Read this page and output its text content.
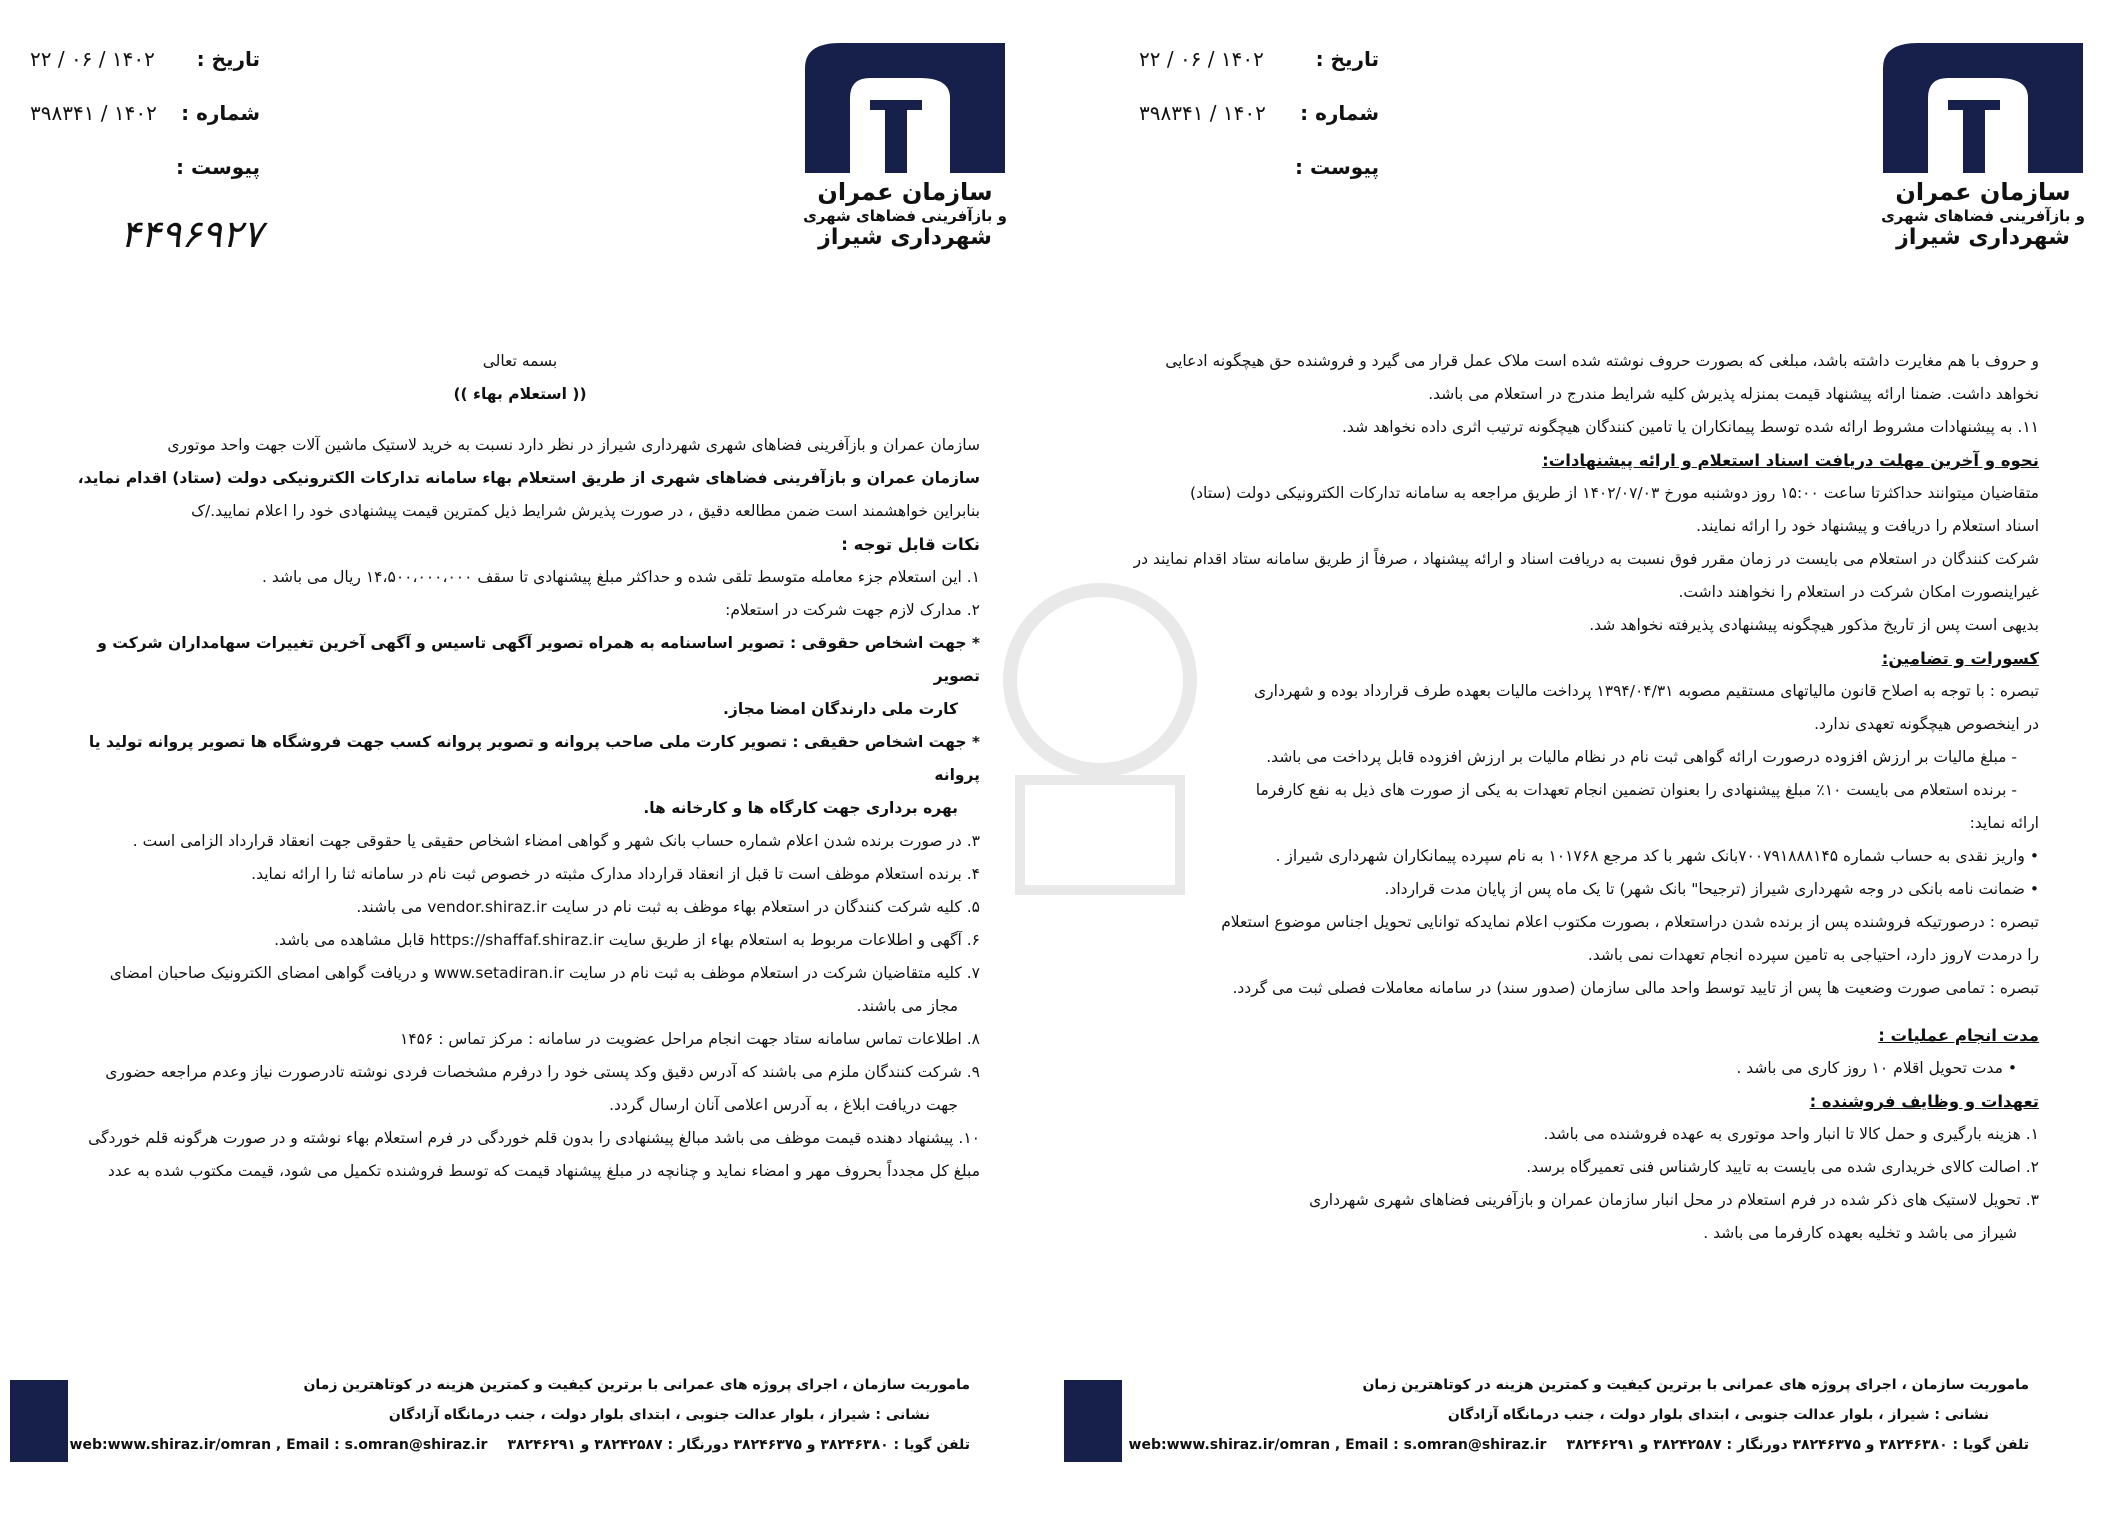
تاریخ :
۱۴۰۲ / ۰۶ / ۲۲
شماره :
۱۴۰۲ / ۳۹۸۳۴۱
پیوست :
۴۴۹۶۹۲۷
سازمان عمران
و بازآفرینی فضاهای شهری
شهرداری شیراز

بسمه تعالی

(( استعلام بهاء ))

سازمان عمران و بازآفرینی فضاهای شهری شهرداری شیراز در نظر دارد نسبت به خرید لاستیک ماشین آلات جهت واحد موتوری

سازمان عمران و بازآفرینی فضاهای شهری از طریق استعلام بهاء سامانه تدارکات الکترونیکی دولت (ستاد) اقدام نماید،

بنابراین خواهشمند است ضمن مطالعه دقیق ، در صورت پذیرش شرایط ذیل کمترین قیمت پیشنهادی خود را اعلام نمایید./ک

نکات قابل توجه :

۱. این استعلام جزء معامله متوسط تلقی شده و حداکثر مبلغ پیشنهادی تا سقف ۱۴،۵۰۰،۰۰۰،۰۰۰ ریال می باشد .

۲. مدارک لازم جهت شرکت در استعلام:

* جهت اشخاص حقوقی : تصویر اساسنامه به همراه تصویر آگهی تاسیس و آگهی آخرین تغییرات سهامداران شرکت و تصویر

کارت ملی دارندگان امضا مجاز.

* جهت اشخاص حقیقی : تصویر کارت ملی صاحب پروانه و تصویر پروانه کسب جهت فروشگاه ها تصویر پروانه تولید یا پروانه

بهره برداری جهت کارگاه ها و کارخانه ها.

۳. در صورت برنده شدن اعلام شماره حساب بانک شهر و گواهی امضاء اشخاص حقیقی یا حقوقی جهت انعقاد قرارداد الزامی است .

۴. برنده استعلام موظف است تا قبل از انعقاد قرارداد مدارک مثبته در خصوص ثبت نام در سامانه ثنا را ارائه نماید.

۵. کلیه شرکت کنندگان در استعلام بهاء موظف به ثبت نام در سایت vendor.shiraz.ir می باشند.

۶. آگهی و اطلاعات مربوط به استعلام بهاء از طریق سایت https://shaffaf.shiraz.ir قابل مشاهده می باشد.

۷. کلیه متقاضیان شرکت در استعلام موظف به ثبت نام در سایت www.setadiran.ir و دریافت گواهی امضای الکترونیک صاحبان امضای

مجاز می باشند.

۸. اطلاعات تماس سامانه ستاد جهت انجام مراحل عضویت در سامانه : مرکز تماس : ۱۴۵۶

۹. شرکت کنندگان ملزم می باشند که آدرس دقیق وکد پستی خود را درفرم مشخصات فردی نوشته تادرصورت نیاز وعدم مراجعه حضوری

جهت دریافت ابلاغ ، به آدرس اعلامی آنان ارسال گردد.

۱۰. پیشنهاد دهنده قیمت موظف می باشد مبالغ پیشنهادی را بدون قلم خوردگی در فرم استعلام بهاء نوشته و در صورت هرگونه قلم خوردگی

مبلغ کل مجدداً بحروف مهر و امضاء نماید و چنانچه در مبلغ پیشنهاد قیمت که توسط فروشنده تکمیل می شود، قیمت مکتوب شده به عدد

ماموریت سازمان ، اجرای پروژه های عمرانی با برترین کیفیت و کمترین هزینه در کوتاهترین زمان
نشانی : شیراز ، بلوار عدالت جنوبی ، ابتدای بلوار دولت ، جنب درمانگاه آزادگان
تلفن گویا : ۳۸۲۴۶۳۸۰ و ۳۸۲۴۶۳۷۵ دورنگار : ۳۸۲۴۲۵۸۷ و ۳۸۲۴۶۲۹۱
web:www.shiraz.ir/omran , Email : s.omran@shiraz.ir
تاریخ :
۱۴۰۲ / ۰۶ / ۲۲
شماره :
۱۴۰۲ / ۳۹۸۳۴۱
پیوست :
سازمان عمران
و بازآفرینی فضاهای شهری
شهرداری شیراز

و حروف با هم مغایرت داشته باشد، مبلغی که بصورت حروف نوشته شده است ملاک عمل قرار می گیرد و فروشنده حق هیچگونه ادعایی

نخواهد داشت. ضمنا ارائه پیشنهاد قیمت بمنزله پذیرش کلیه شرایط مندرج در استعلام می باشد.

۱۱. به پیشنهادات مشروط ارائه شده توسط پیمانکاران یا تامین کنندگان هیچگونه ترتیب اثری داده نخواهد شد.

نحوه و آخرین مهلت دریافت اسناد استعلام و ارائه پیشنهادات:

متقاضیان میتوانند حداکثرتا ساعت ۱۵:۰۰ روز دوشنبه مورخ ۱۴۰۲/۰۷/۰۳ از طریق مراجعه به سامانه تدارکات الکترونیکی دولت (ستاد)

اسناد استعلام را دریافت و پیشنهاد خود را ارائه نمایند.

شرکت کنندگان در استعلام می بایست در زمان مقرر فوق نسبت به دریافت اسناد و ارائه پیشنهاد ، صرفاً از طریق سامانه ستاد اقدام نمایند در

غیراینصورت امکان شرکت در استعلام را نخواهند داشت.

بدیهی است پس از تاریخ مذکور هیچگونه پیشنهادی پذیرفته نخواهد شد.

کسورات و تضامین:

تبصره : با توجه به اصلاح قانون مالیاتهای مستقیم مصوبه ۱۳۹۴/۰۴/۳۱ پرداخت مالیات بعهده طرف قرارداد بوده و شهرداری

در اینخصوص هیچگونه تعهدی ندارد.

- مبلغ مالیات بر ارزش افزوده درصورت ارائه گواهی ثبت نام در نظام مالیات بر ارزش افزوده قابل پرداخت می باشد.

- برنده استعلام می بایست ۱۰٪ مبلغ پیشنهادی را بعنوان تضمین انجام تعهدات به یکی از صورت های ذیل به نفع کارفرما

ارائه نماید:

• واریز نقدی به حساب شماره ۷۰۰۷۹۱۸۸۸۱۴۵بانک شهر با کد مرجع ۱۰۱۷۶۸ به نام سپرده پیمانکاران شهرداری شیراز .

• ضمانت نامه بانکی در وجه شهرداری شیراز (ترجیحا" بانک شهر) تا یک ماه پس از پایان مدت قرارداد.

تبصره : درصورتیکه فروشنده پس از برنده شدن دراستعلام ، بصورت مکتوب اعلام نمایدکه توانایی تحویل اجناس موضوع استعلام

را درمدت ۷روز دارد، احتیاجی به تامین سپرده انجام تعهدات نمی باشد.

تبصره : تمامی صورت وضعیت ها پس از تایید توسط واحد مالی سازمان (صدور سند) در سامانه معاملات فصلی ثبت می گردد.

مدت انجام عملیات :

• مدت تحویل اقلام ۱۰ روز کاری می باشد .

تعهدات و وظایف فروشنده :

۱. هزینه بارگیری و حمل کالا تا انبار واحد موتوری به عهده فروشنده می باشد.

۲. اصالت کالای خریداری شده می بایست به تایید کارشناس فنی تعمیرگاه برسد.

۳. تحویل لاستیک های ذکر شده در فرم استعلام در محل انبار سازمان عمران و بازآفرینی فضاهای شهری شهرداری

شیراز می باشد و تخلیه بعهده کارفرما می باشد .

ماموریت سازمان ، اجرای پروژه های عمرانی با برترین کیفیت و کمترین هزینه در کوتاهترین زمان
نشانی : شیراز ، بلوار عدالت جنوبی ، ابتدای بلوار دولت ، جنب درمانگاه آزادگان
تلفن گویا : ۳۸۲۴۶۳۸۰ و ۳۸۲۴۶۳۷۵ دورنگار : ۳۸۲۴۲۵۸۷ و ۳۸۲۴۶۲۹۱
web:www.shiraz.ir/omran , Email : s.omran@shiraz.ir
